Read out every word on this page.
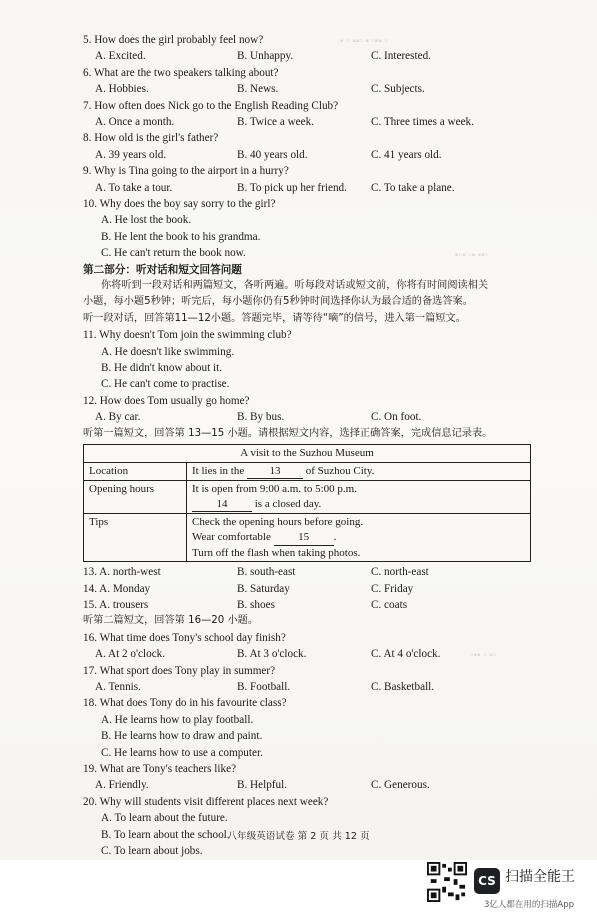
▪ ▫ ▪▪▫ ▪ ▫▪▪ ▫
▪▫▪ ▫▪ ▪▪▫
▫▪▪ ▫ ▪▫
5. How does the girl probably feel now?
A. Excited.	B. Unhappy.	C. Interested.
6. What are the two speakers talking about?
A. Hobbies.	B. News.	C. Subjects.
7. How often does Nick go to the English Reading Club?
A. Once a month.	B. Twice a week.	C. Three times a week.
8. How old is the girl's father?
A. 39 years old.	B. 40 years old.	C. 41 years old.
9. Why is Tina going to the airport in a hurry?
A. To take a tour.	B. To pick up her friend. C. To take a plane.
10. Why does the boy say sorry to the girl?
A. He lost the book.
B. He lent the book to his grandma.
C. He can't return the book now.
第二部分：听对话和短文回答问题
你将听到一段对话和两篇短文，各听两遍。听每段对话或短文前，你将有时间阅读相关
小题，每小题5秒钟；听完后，每小题你仍有5秒钟时间选择你认为最合适的备选答案。
听一段对话，回答第11—12小题。答题完毕，请等待“嘀”的信号，进入第一篇短文。
11. Why doesn't Tom join the swimming club?
A. He doesn't like swimming.
B. He didn't know about it.
C. He can't come to practise.
12. How does Tom usually go home?
A. By car.	B. By bus.	C. On foot.
听第一篇短文，回答第 13—15 小题。请根据短文内容，选择正确答案，完成信息记录表。
A visit to the Suzhou Museum	
Location	It lies in the 13 of Suzhou City.
Opening hours	It is open from 9:00 a.m. to 5:00 p.m.
14 is a closed day.

Tips	Check the opening hours before going.
Wear comfortable 15 .
Turn off the flash when taking photos.
13. A. north-west	B. south-east	C. north-east
14. A. Monday	B. Saturday	C. Friday
15. A. trousers	B. shoes	C. coats
听第二篇短文，回答第 16—20 小题。
16. What time does Tony's school day finish?
A. At 2 o'clock.	B. At 3 o'clock.	C. At 4 o'clock.
17. What sport does Tony play in summer?
A. Tennis.	B. Football.	C. Basketball.
18. What does Tony do in his favourite class?
A. He learns how to play football.
B. He learns how to draw and paint.
C. He learns how to use a computer.
19. What are Tony's teachers like?
A. Friendly.	B. Helpful.	C. Generous.
20. Why will students visit different places next week?
A. To learn about the future.
B. To learn about the school.
C. To learn about jobs.
八年级英语试卷 第 2 页 共 12 页
CS 扫描全能王
3亿人都在用的扫描App
